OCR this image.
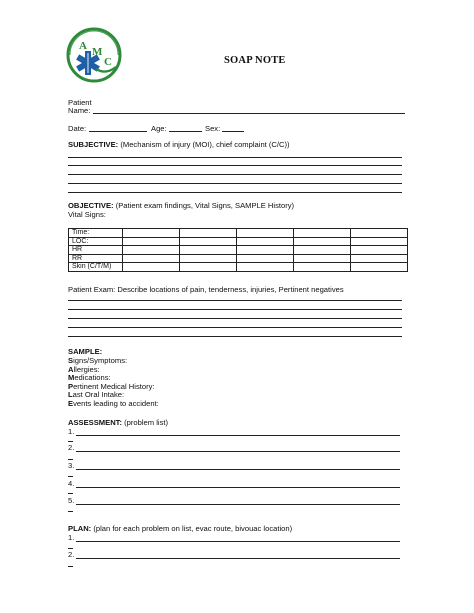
A M
C	SOAP NOTE
Patient
Name:
Date:	Age:	Sex:
SUBJECTIVE: (Mechanism of injury (MOI), chief complaint (C/C))
OBJECTIVE: (Patient exam findings, Vital Signs, SAMPLE History)
Vital Signs:
Time:					
LOC:					
HR					
RR					
Skin (C/T/M)					
Patient Exam: Describe locations of pain, tenderness, injuries, Pertinent negatives
SAMPLE:
Signs/Symptoms:
Allergies:
Medications:
Pertinent Medical History:
Last Oral Intake:
Events leading to accident:
ASSESSMENT: (problem list)
1.
2.
3.
4.
5.
PLAN: (plan for each problem on list, evac route, bivouac location)
1.
2.
